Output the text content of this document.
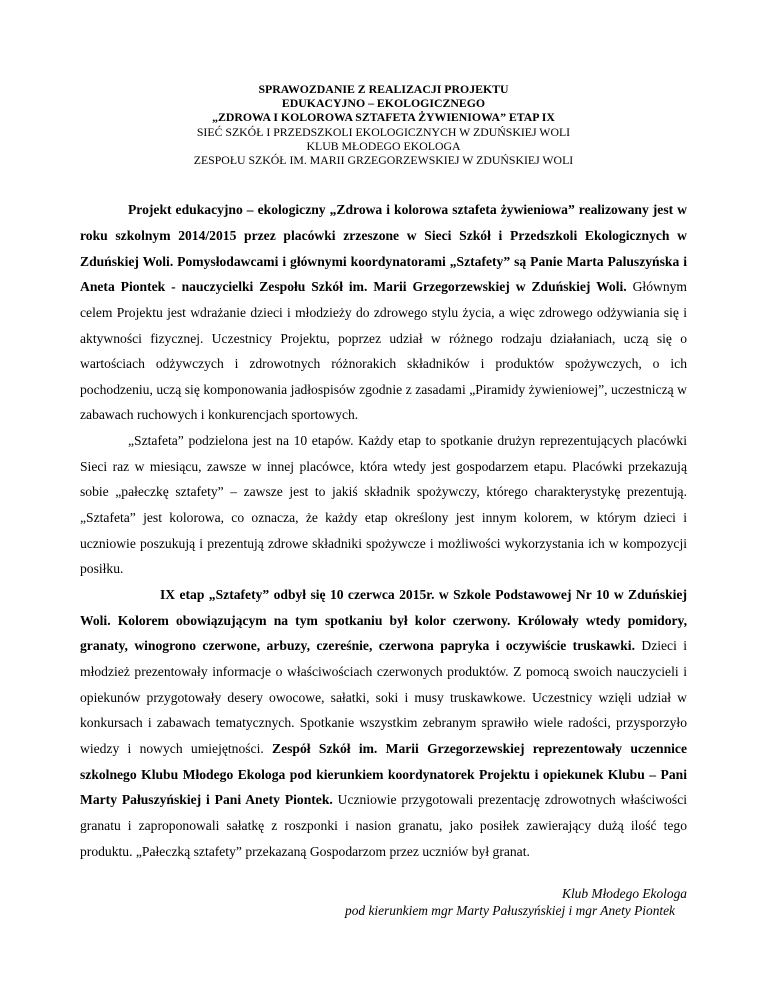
SPRAWOZDANIE Z REALIZACJI PROJEKTU
EDUKACYJNO – EKOLOGICZNEGO
„ZDROWA I KOLOROWA SZTAFETA ŻYWIENIOWA” ETAP IX
SIEĆ SZKÓŁ I PRZEDSZKOLI EKOLOGICZNYCH W ZDUŃSKIEJ WOLI
KLUB MŁODEGO EKOLOGA
ZESPOŁU SZKÓŁ IM. MARII GRZEGORZEWSKIEJ W ZDUŃSKIEJ WOLI

Projekt edukacyjno – ekologiczny „Zdrowa i kolorowa sztafeta żywieniowa” realizowany jest w roku szkolnym 2014/2015 przez placówki zrzeszone w Sieci Szkół i Przedszkoli Ekologicznych w Zduńskiej Woli. Pomysłodawcami i głównymi koordynatorami „Sztafety” są Panie Marta Paluszyńska i Aneta Piontek - nauczycielki Zespołu Szkół im. Marii Grzegorzewskiej w Zduńskiej Woli. Głównym celem Projektu jest wdrażanie dzieci i młodzieży do zdrowego stylu życia, a więc zdrowego odżywiania się i aktywności fizycznej. Uczestnicy Projektu, poprzez udział w różnego rodzaju działaniach, uczą się o wartościach odżywczych i zdrowotnych różnorakich składników i produktów spożywczych, o ich pochodzeniu, uczą się komponowania jadłospisów zgodnie z zasadami „Piramidy żywieniowej”, uczestniczą w zabawach ruchowych i konkurencjach sportowych.

„Sztafeta” podzielona jest na 10 etapów. Każdy etap to spotkanie drużyn reprezentujących placówki Sieci raz w miesiącu, zawsze w innej placówce, która wtedy jest gospodarzem etapu. Placówki przekazują sobie „pałeczkę sztafety” – zawsze jest to jakiś składnik spożywczy, którego charakterystykę prezentują. „Sztafeta” jest kolorowa, co oznacza, że każdy etap określony jest innym kolorem, w którym dzieci i uczniowie poszukują i prezentują zdrowe składniki spożywcze i możliwości wykorzystania ich w kompozycji posiłku.

IX etap „Sztafety” odbył się 10 czerwca 2015r. w Szkole Podstawowej Nr 10 w Zduńskiej Woli. Kolorem obowiązującym na tym spotkaniu był kolor czerwony. Królowały wtedy pomidory, granaty, winogrono czerwone, arbuzy, czereśnie, czerwona papryka i oczywiście truskawki. Dzieci i młodzież prezentowały informacje o właściwościach czerwonych produktów. Z pomocą swoich nauczycieli i opiekunów przygotowały desery owocowe, sałatki, soki i musy truskawkowe. Uczestnicy wzięli udział w konkursach i zabawach tematycznych. Spotkanie wszystkim zebranym sprawiło wiele radości, przysporzyło wiedzy i nowych umiejętności. Zespół Szkół im. Marii Grzegorzewskiej reprezentowały uczennice szkolnego Klubu Młodego Ekologa pod kierunkiem koordynatorek Projektu i opiekunek Klubu – Pani Marty Pałuszyńskiej i Pani Anety Piontek. Uczniowie przygotowali prezentację zdrowotnych właściwości granatu i zaproponowali sałatkę z roszponki i nasion granatu, jako posiłek zawierający dużą ilość tego produktu. „Pałeczką sztafety” przekazaną Gospodarzom przez uczniów był granat.

Klub Młodego Ekologa
pod kierunkiem mgr Marty Pałuszyńskiej i mgr Anety Piontek
